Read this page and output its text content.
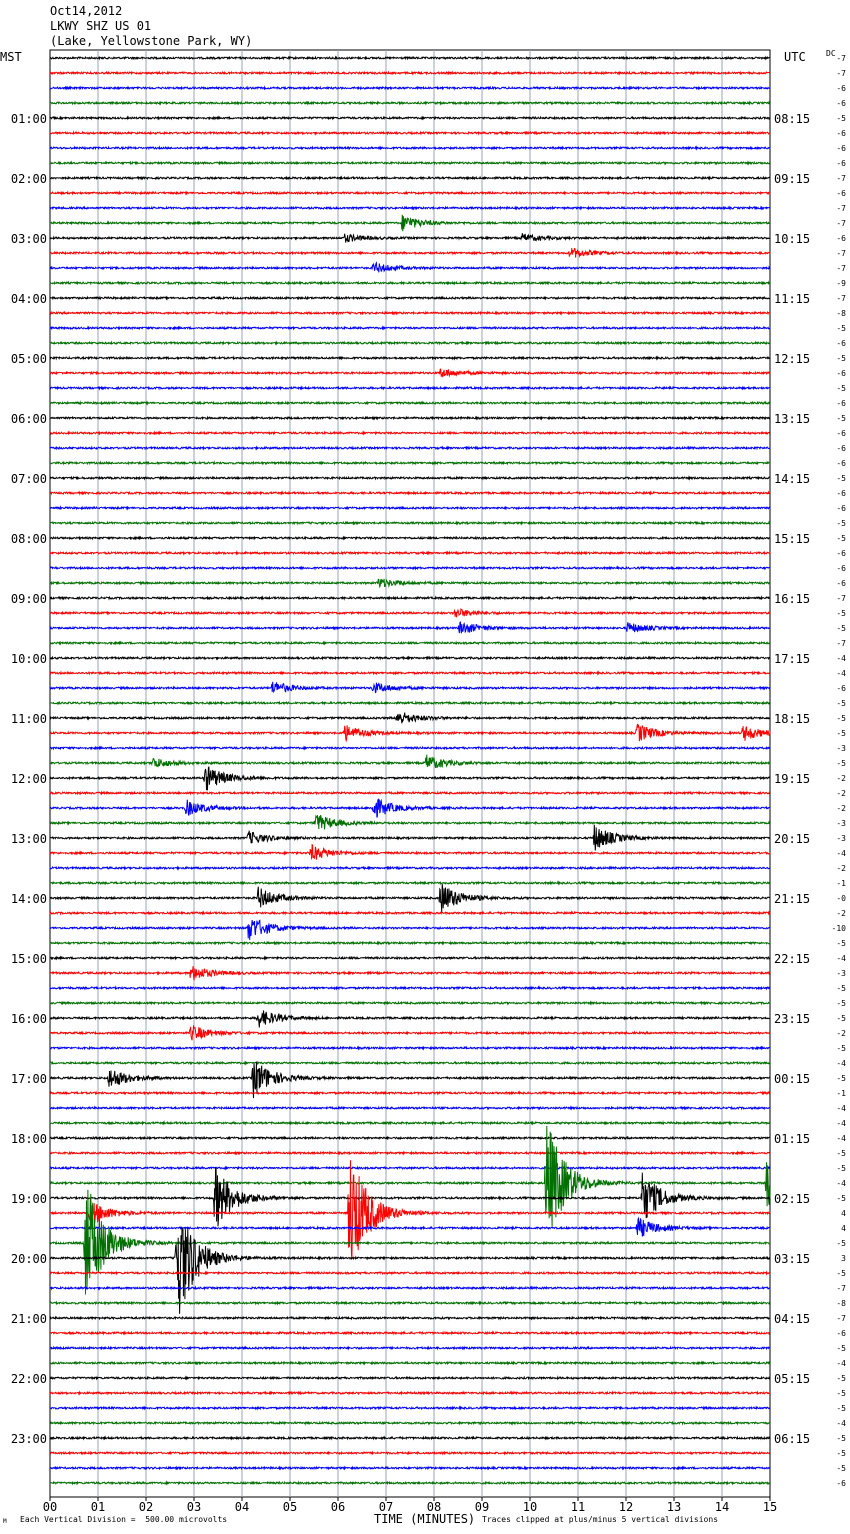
Oct14,2012
LKWY SHZ US 01
(Lake, Yellowstone Park, WY)
MST	UTC	DC
01:00
02:00
03:00
04:00
05:00
06:00
07:00
08:00
09:00
10:00
11:00
12:00
13:00
14:00
15:00
16:00
17:00
18:00
19:00
20:00
21:00
22:00
23:00
08:15
09:15
10:15
11:15
12:15
13:15
14:15
15:15
16:15
17:15
18:15
19:15
20:15
21:15
22:15
23:15
00:15
01:15
02:15
03:15
04:15
05:15
06:15
-7
-7
-6
-6
-5
-6
-6
-6
-7
-6
-7
-7
-6
-7
-7
-9
-7
-8
-5
-6
-5
-6
-5
-6
-5
-6
-6
-6
-5
-6
-6
-5
-5
-6
-6
-6
-7
-5
-5
-7
-4
-4
-6
-5
-5
-5
-3
-5
-2
-2
-2
-3
-3
-4
-2
-1
-0
-2
-10
-5
-4
-3
-5
-5
-5
-2
-5
-4
-5
-1
-4
-4
-4
-5
-5
-4
-5
4
4
-5
3
-5
-7
-8
-7
-6
-5
-4
-5
-5
-5
-4
-5
-5
-5
-6
00	01	02	03	04	05	06	07	08	09	10	11	12	13	14	15
Each Vertical Division =  500.00 microvolts	TIME (MINUTES) Traces clipped at plus/minus 5 vertical divisions
M
